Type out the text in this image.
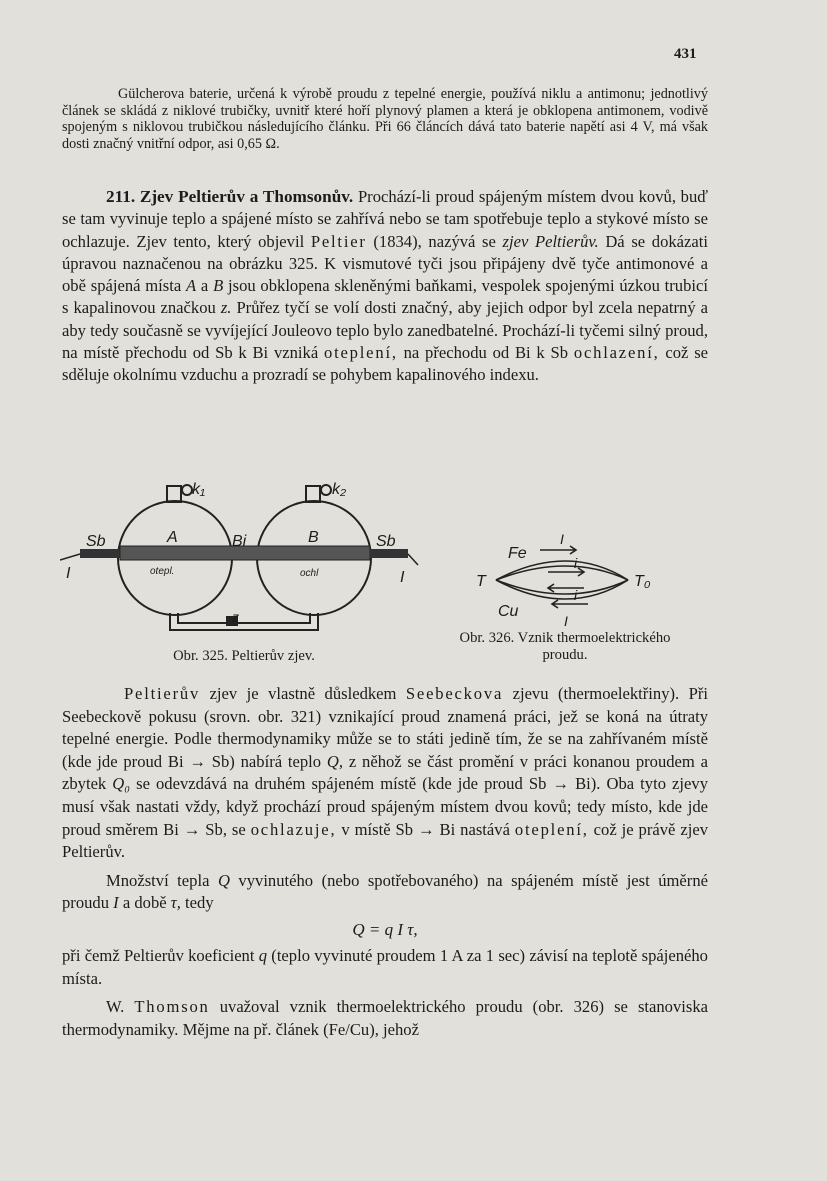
431

Gülcherova baterie, určená k výrobě proudu z tepelné energie, používá niklu a antimonu; jednotlivý článek se skládá z niklové trubičky, uvnitř které hoří plynový plamen a která je obklopena antimonem, vodivě spojeným s niklovou trubičkou následujícího článku. Při 66 článcích dává tato baterie napětí asi 4 V, má však dosti značný vnitřní odpor, asi 0,65 Ω.

211. Zjev Peltierův a Thomsonův. Prochází-li proud spájeným místem dvou kovů, buď se tam vyvinuje teplo a spájené místo se zahřívá nebo se tam spotřebuje teplo a stykové místo se ochlazuje. Zjev tento, který objevil Peltier (1834), nazývá se zjev Peltierův. Dá se dokázati úpravou naznačenou na obrázku 325. K vismutové tyči jsou připájeny dvě tyče antimonové a obě spájená místa A a B jsou obklopena skleněnými baňkami, vespolek spojenými úzkou trubicí s kapalinovou značkou z. Průřez tyčí se volí dosti značný, aby jejich odpor byl zcela nepatrný a aby tedy současně se vyvíjející Jouleovo teplo bylo zanedbatelné. Prochází-li tyčemi silný proud, na místě přechodu od Sb k Bi vzniká oteplení, na přechodu od Bi k Sb ochlazení, což se sděluje okolnímu vzduchu a prozradí se pohybem kapalinového indexu.

k₁	k₂
Sb	Sb
A	B
Bi
I	I
z
otepl.	ochl
Obr. 325. Peltierův zjev.
Fe
Cu
T	T₀
I
i
i
I
Obr. 326. Vznik thermoelektrického proudu.

Peltierův zjev je vlastně důsledkem Seebeckova zjevu (thermoelektřiny). Při Seebeckově pokusu (srovn. obr. 321) vznikající proud znamená práci, jež se koná na útraty tepelné energie. Podle thermodynamiky může se to státi jedině tím, že se na zahřívaném místě (kde jde proud Bi → Sb) nabírá teplo Q, z něhož se část promění v práci konanou proudem a zbytek Q₀ se odevzdává na druhém spájeném místě (kde jde proud Sb → Bi). Oba tyto zjevy musí však nastati vždy, když prochází proud spájeným místem dvou kovů; tedy místo, kde jde proud směrem Bi → Sb, se ochlazuje, v místě Sb → Bi nastává oteplení, což je právě zjev Peltierův.

Množství tepla Q vyvinutého (nebo spotřebovaného) na spájeném místě jest úměrné proudu I a době τ, tedy

Q = q I τ,

při čemž Peltierův koeficient q (teplo vyvinuté proudem 1 A za 1 sec) závisí na teplotě spájeného místa.

W. Thomson uvažoval vznik thermoelektrického proudu (obr. 326) se stanoviska thermodynamiky. Mějme na př. článek (Fe/Cu), jehož
